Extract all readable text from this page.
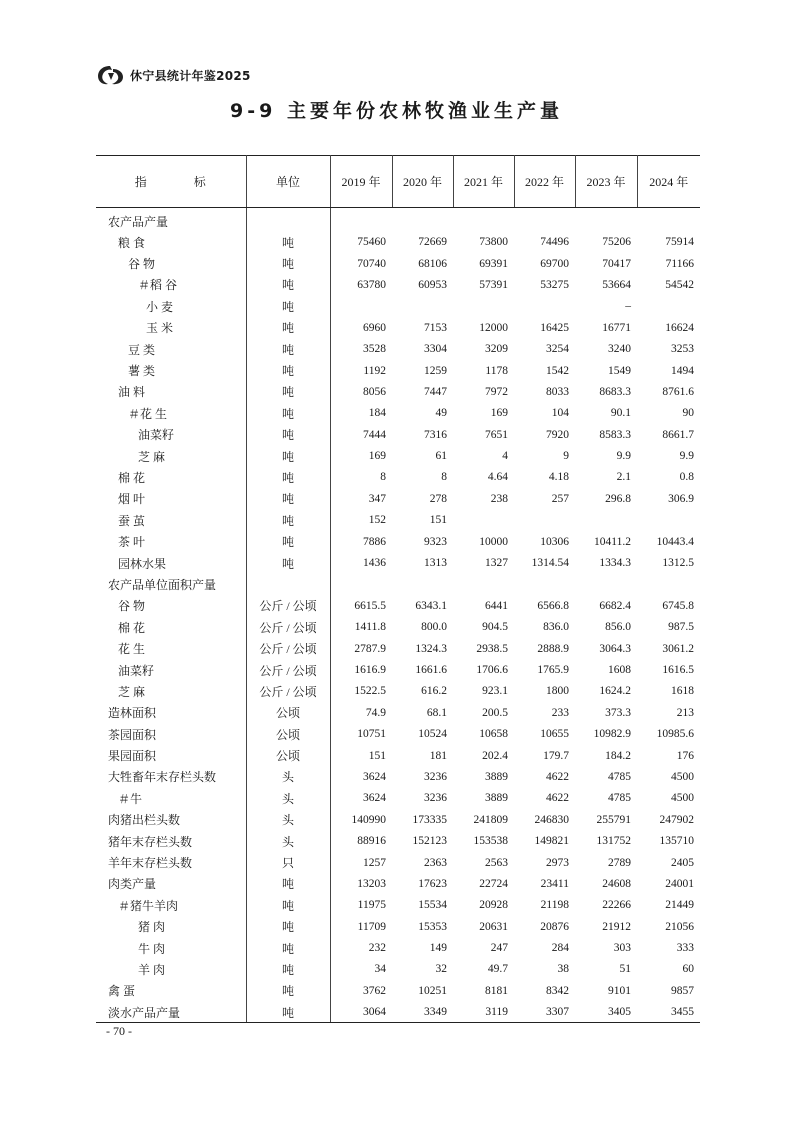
休宁县统计年鉴2025
9-9 主要年份农林牧渔业生产量
指 标	单位	2019 年	2020 年	2021 年	2022 年	2023 年	2024 年
农产品产量							
粮 食	吨	75460	72669	73800	74496	75206	75914
谷 物	吨	70740	68106	69391	69700	70417	71166
＃稻 谷	吨	63780	60953	57391	53275	53664	54542
小 麦	吨					–	
玉 米	吨	6960	7153	12000	16425	16771	16624
豆 类	吨	3528	3304	3209	3254	3240	3253
薯 类	吨	1192	1259	1178	1542	1549	1494
油 料	吨	8056	7447	7972	8033	8683.3	8761.6
＃花 生	吨	184	49	169	104	90.1	90
油菜籽	吨	7444	7316	7651	7920	8583.3	8661.7
芝 麻	吨	169	61	4	9	9.9	9.9
棉 花	吨	8	8	4.64	4.18	2.1	0.8
烟 叶	吨	347	278	238	257	296.8	306.9
蚕 茧	吨	152	151				
茶 叶	吨	7886	9323	10000	10306	10411.2	10443.4
园林水果	吨	1436	1313	1327	1314.54	1334.3	1312.5
农产品单位面积产量							
谷 物	公斤 / 公顷	6615.5	6343.1	6441	6566.8	6682.4	6745.8
棉 花	公斤 / 公顷	1411.8	800.0	904.5	836.0	856.0	987.5
花 生	公斤 / 公顷	2787.9	1324.3	2938.5	2888.9	3064.3	3061.2
油菜籽	公斤 / 公顷	1616.9	1661.6	1706.6	1765.9	1608	1616.5
芝 麻	公斤 / 公顷	1522.5	616.2	923.1	1800	1624.2	1618
造林面积	公顷	74.9	68.1	200.5	233	373.3	213
茶园面积	公顷	10751	10524	10658	10655	10982.9	10985.6
果园面积	公顷	151	181	202.4	179.7	184.2	176
大牲畜年末存栏头数	头	3624	3236	3889	4622	4785	4500
＃牛	头	3624	3236	3889	4622	4785	4500
肉猪出栏头数	头	140990	173335	241809	246830	255791	247902
猪年末存栏头数	头	88916	152123	153538	149821	131752	135710
羊年末存栏头数	只	1257	2363	2563	2973	2789	2405
肉类产量	吨	13203	17623	22724	23411	24608	24001
＃猪牛羊肉	吨	11975	15534	20928	21198	22266	21449
猪 肉	吨	11709	15353	20631	20876	21912	21056
牛 肉	吨	232	149	247	284	303	333
羊 肉	吨	34	32	49.7	38	51	60
禽 蛋	吨	3762	10251	8181	8342	9101	9857
淡水产品产量	吨	3064	3349	3119	3307	3405	3455
- 70 -
